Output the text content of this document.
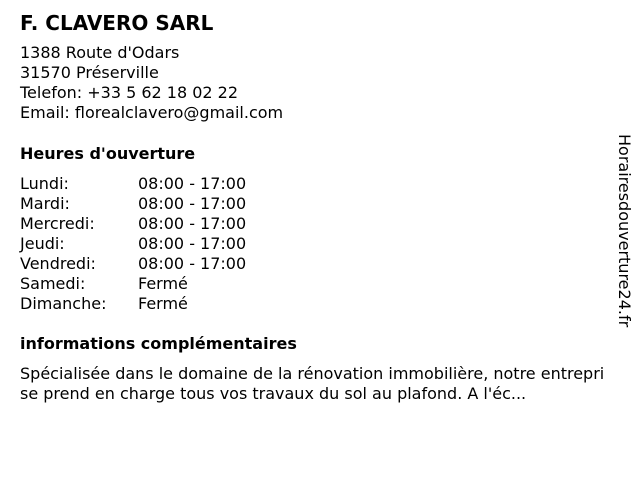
F. CLAVERO SARL
1388 Route d'Odars
31570 Préserville
Telefon: +33 5 62 18 02 22
Email: florealclavero@gmail.com
Heures d'ouverture
Lundi:	08:00 - 17:00
Mardi:	08:00 - 17:00
Mercredi:	08:00 - 17:00
Jeudi:	08:00 - 17:00
Vendredi:	08:00 - 17:00
Samedi:	Fermé
Dimanche:	Fermé
informations complémentaires
Spécialisée dans le domaine de la rénovation immobilière, notre entreprise prend en charge tous vos travaux du sol au plafond. A l'éc...
Horairesdouverture24.fr
